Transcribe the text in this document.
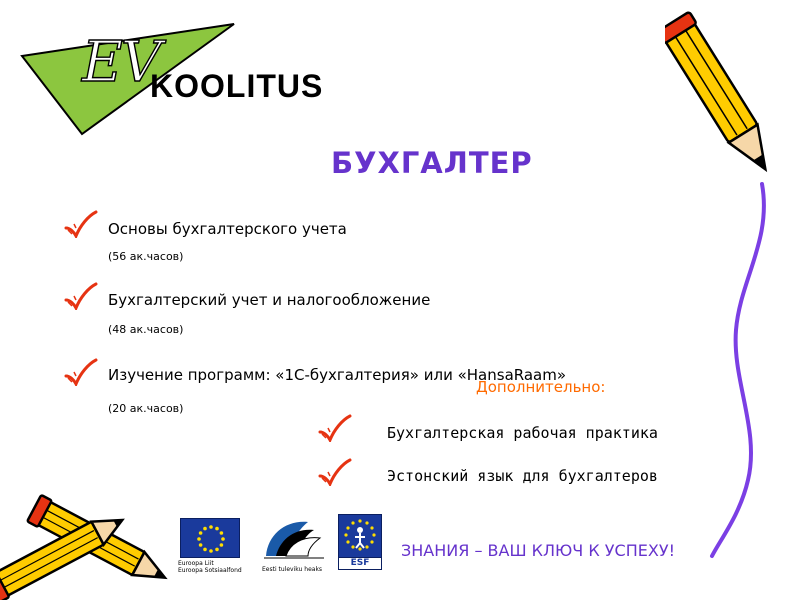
EV
KOOLITUS
БУХГАЛТЕР
Основы бухгалтерского учета
(56 ак.часов)
Бухгалтерский учет и налогообложение
(48 ак.часов)
Изучение программ: «1С-бухгалтерия» или «HansaRaam»
(20 ак.часов)
Дополнительно:
Бухгалтерская рабочая практика
Эстонский язык для бухгалтеров
Euroopa Liit
Euroopa Sotsiaalfond	Eesti tuleviku heaks
ESF
ЗНАНИЯ – ВАШ КЛЮЧ К УСПЕХУ!
